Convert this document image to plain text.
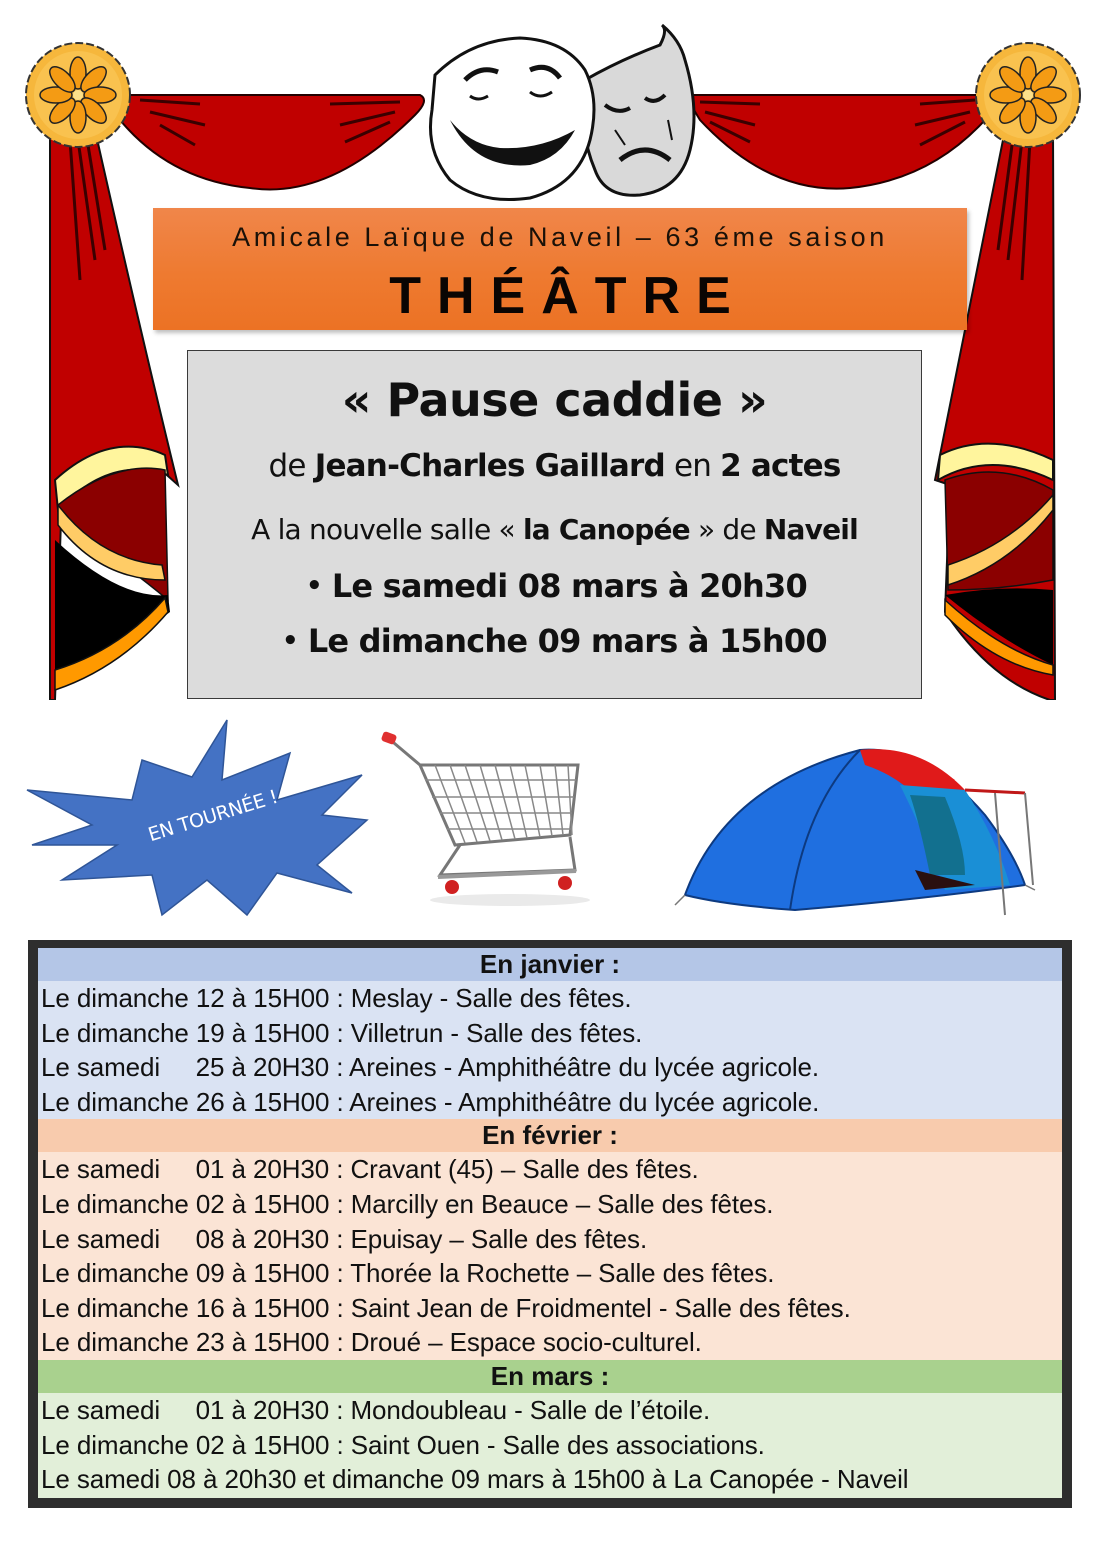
Amicale Laïque de Naveil – 63 éme saison
THÉÂTRE
« Pause caddie »
de Jean-Charles Gaillard en 2 actes
A la nouvelle salle « la Canopée » de Naveil
• Le samedi 08 mars à 20h30
• Le dimanche 09 mars à 15h00
EN TOURNÉE !
En janvier :
Le dimanche 12 à 15H00 : Meslay - Salle des fêtes.
Le dimanche 19 à 15H00 : Villetrun - Salle des fêtes.
Le samedi     25 à 20H30 : Areines - Amphithéâtre du lycée agricole.
Le dimanche 26 à 15H00 : Areines - Amphithéâtre du lycée agricole.
En février :
Le samedi     01 à 20H30 : Cravant (45) – Salle des fêtes.
Le dimanche 02 à 15H00 : Marcilly en Beauce – Salle des fêtes.
Le samedi     08 à 20H30 : Epuisay – Salle des fêtes.
Le dimanche 09 à 15H00 : Thorée la Rochette – Salle des fêtes.
Le dimanche 16 à 15H00 : Saint Jean de Froidmentel - Salle des fêtes.
Le dimanche 23 à 15H00 : Droué – Espace socio-culturel.
En mars :
Le samedi     01 à 20H30 : Mondoubleau - Salle de l’étoile.
Le dimanche 02 à 15H00 : Saint Ouen - Salle des associations.
Le samedi 08 à 20h30 et dimanche 09 mars à 15h00 à La Canopée - Naveil
